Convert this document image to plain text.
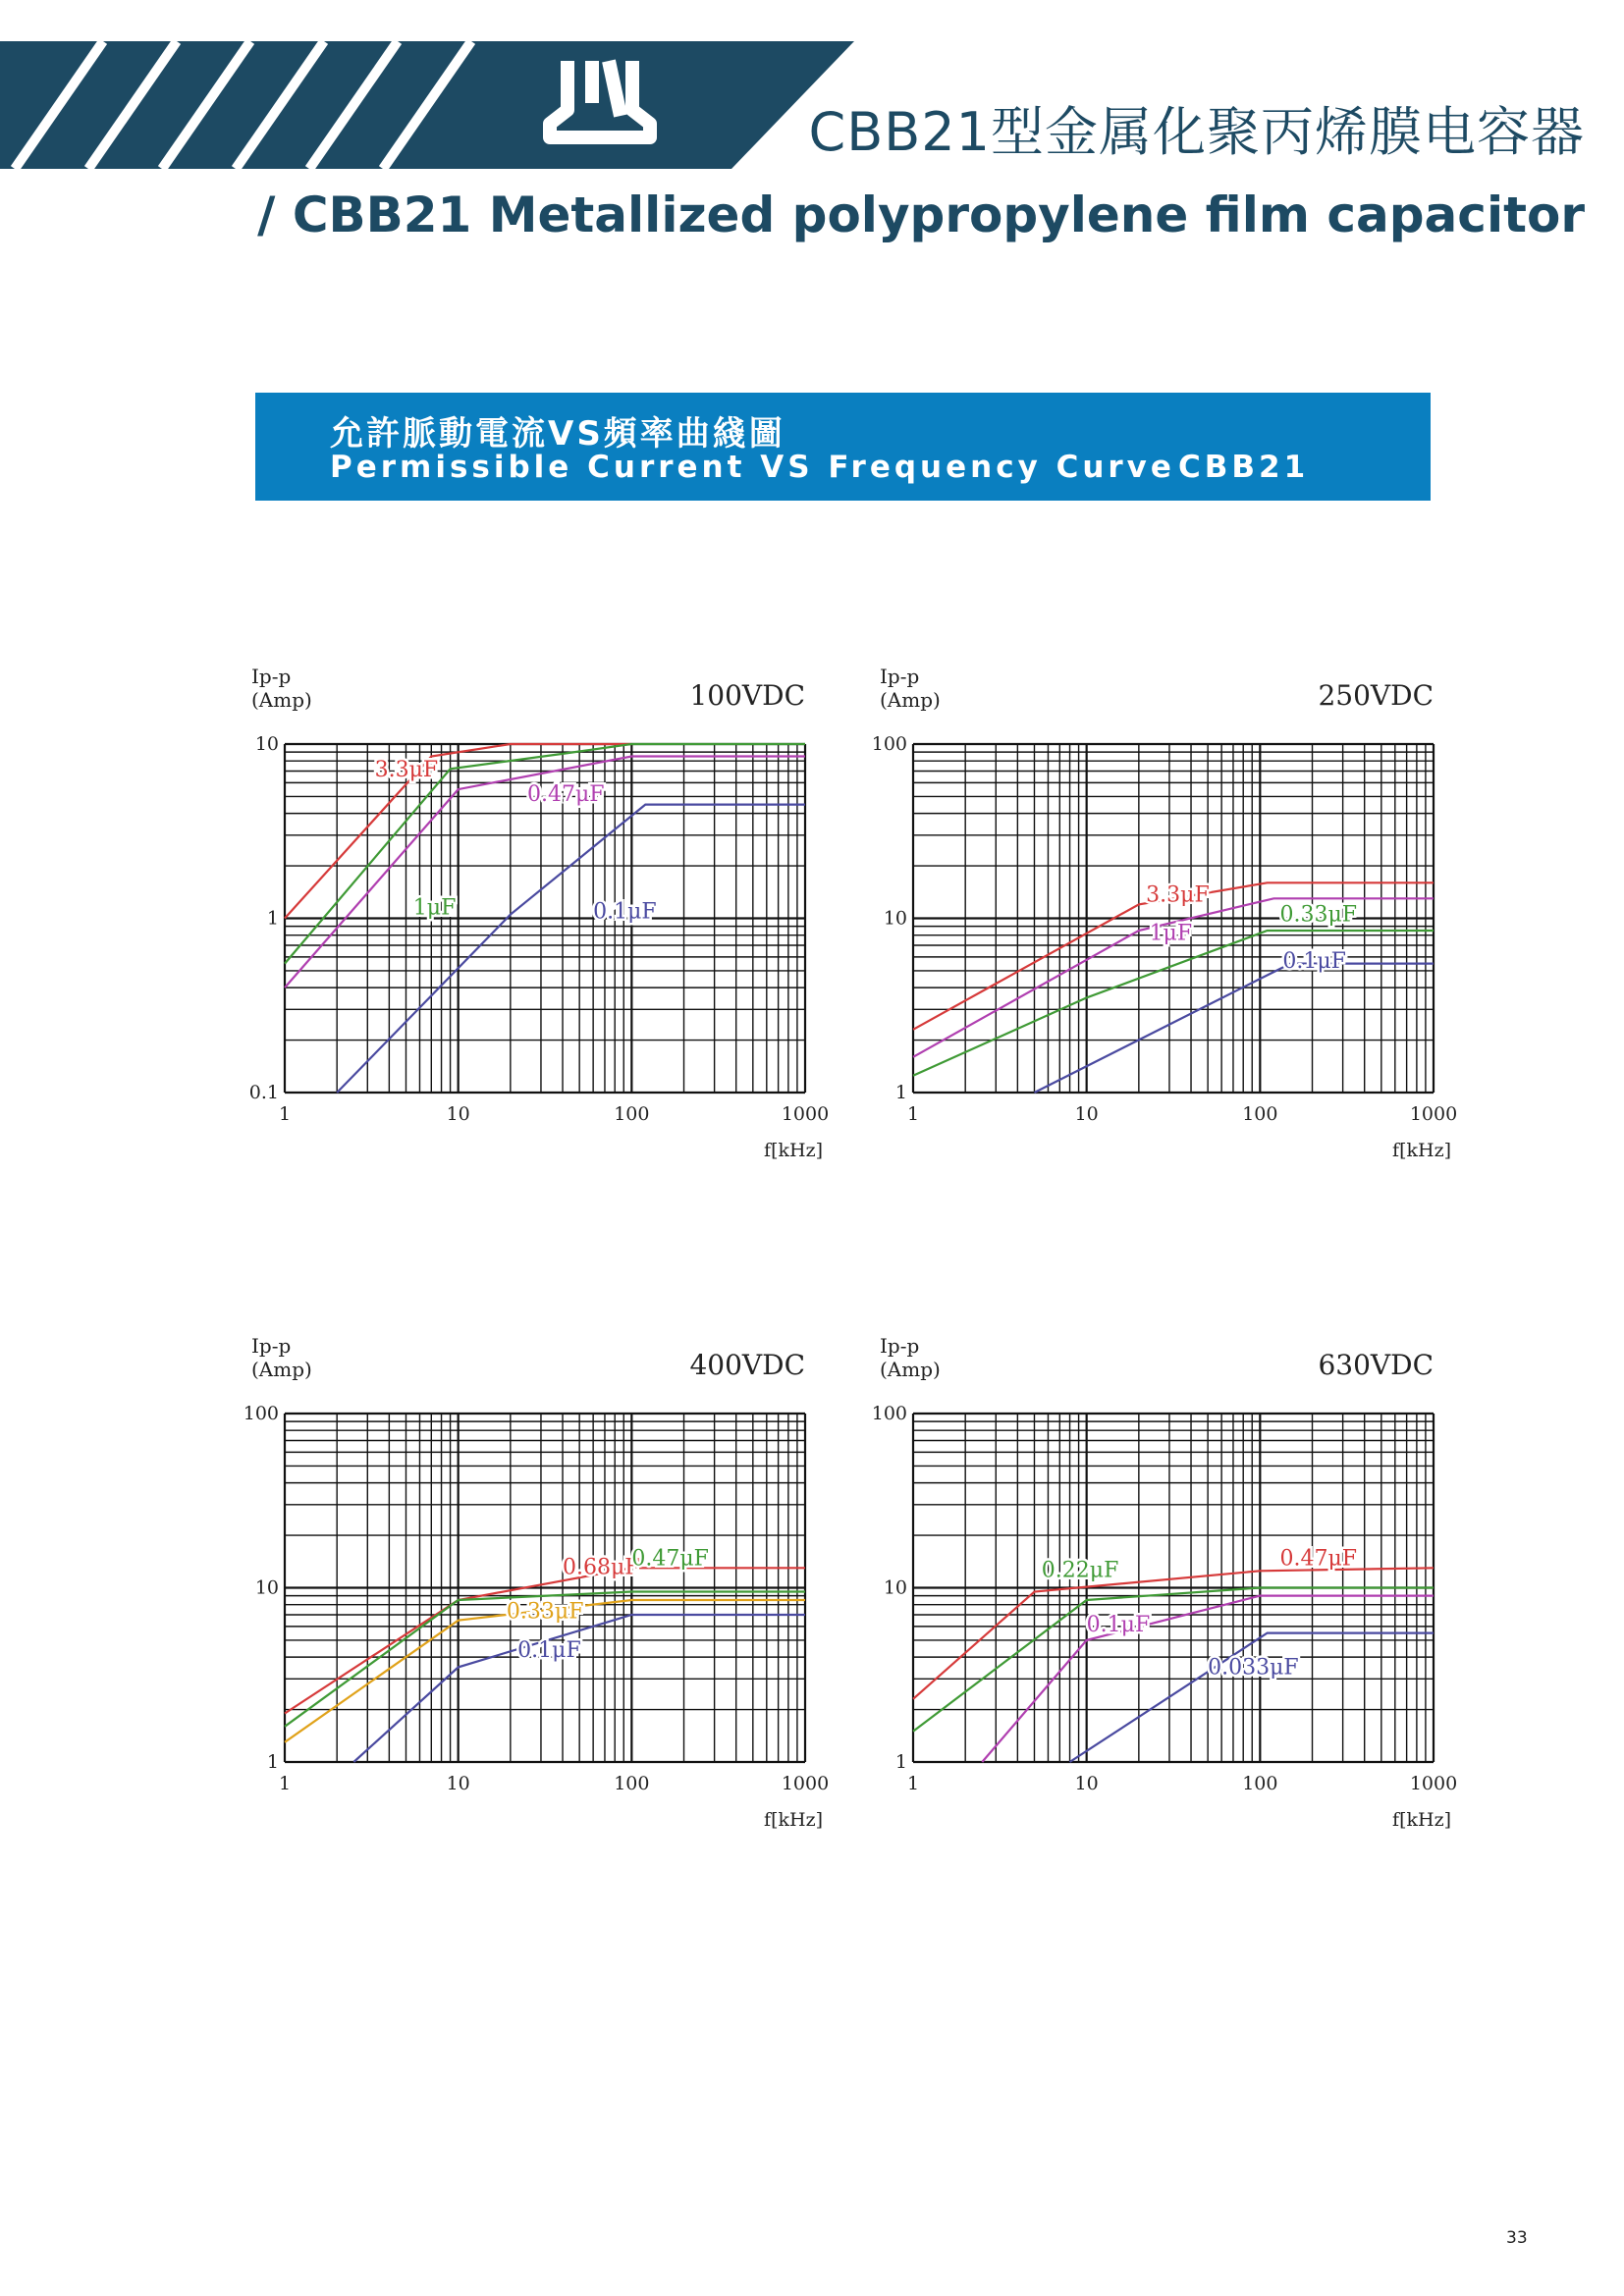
CBB21型金属化聚丙烯膜电容器
/ CBB21 Metallized polypropylene film capacitor
允許脈動電流VS頻率曲綫圖
Permissible Current VS Frequency Curve CBB21
Ip-p
(Amp)	100VDC
f[kHz]
1	10	100	1000
10
1
0.1
3.3μF
1μF
0.47μF
0.1μF
Ip-p
(Amp)	250VDC
f[kHz]
1	10	100	1000
100
10
1
3.3μF
1μF
0.33μF
0.1μF
Ip-p
(Amp)	400VDC
f[kHz]
1	10	100	1000
100
10
1
0.68μF
0.47μF
0.33μF
0.1μF
Ip-p
(Amp)	630VDC
f[kHz]
1	10	100	1000
100
10
1
0.47μF
0.22μF
0.1μF
0.033μF
33
